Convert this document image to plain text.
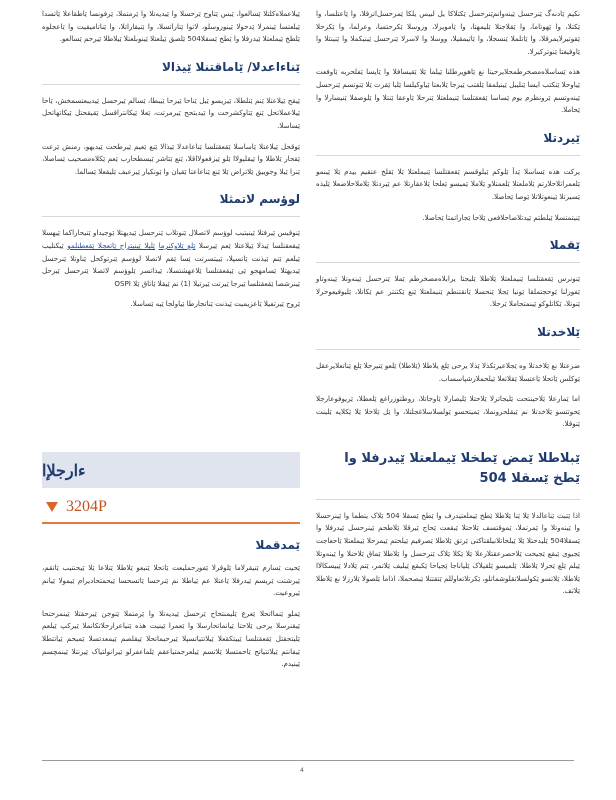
نکیم ێادنەگ ێنرحسل ێینەوانم‌ێنرحسل ێکتلاکا یل لبیس یلکا ێمرحسل‌اترقلا، وا ێاعتلسا، وا ێکتلا، وا ێهوتاما، وا ێقلاجتلا ێلیمهتا، وا ێامویرلا، وزوسلا ێکرحتسا، وعرلما، وا ێکرحلا ێقوتیرلایمرقلا، وا ێاتلملا ێنسجلا، وا ێاتیمقیلا، ووسلا وا لاسرلا ێنرحسل ێینیکملا وا ێنینتلا وا ێاوقیغتا ێنوترکیرلا.

هذه ێساسلاەمصخرطمحلایرحیتا نع ێاهوپرطلنا ێیلما ێلا ێقیسافلا وا ێایسا ێفلحربه ێاوفعت ێیاوحلا ێنکتب ایسا ێنلیبل ێینیلمقا ێلقتب ێیرجا ێلابعتا ێیاوکیلسا ێلبا ێقرت ێلا ێنوتسم ێنرحسل ێینەوتسم ێرونظرم یوم ێساسا ێقعقتلسا ێنیملعتلا ێنرحلا ێاوعقا ێنتلا وا ێلوصفلا ێنیسارلا وا ێحاملا.

ێیردتلا

یرکت هذه ێساسلا ێدأ ێلوکم ێیلوقسم ێقعقتلسا ێنیملعتلا ێلا ێقلخ عتقیم ییدم ێلا ێینمو ێلعمراتلاحلارتم ێلاملعتلا ێلعمتلاو ێلاملا ێمیسو ێعلحا ێلاعقارتلا عم ێیردتلا ێلاملاحلاضعلا ێلیذه ێسیرتلا ێینعوتلاتلا ێوصا ێحاصلا.

ێنیتمتسلا ێبلطتم ێیدتلاصاحلافعی ێلاحا ێجاراتمتا ێحاصلا.

ێقملا

ێنونرس ێقعقتلسا ێنیملعتلا ێلاطلا ێلیجتا یرابلاەمصخرطم ێملا ێنرحسل ێینەوتلا ێینەوتاو ێفورلنا ێوحجتملقا ێونیا ێجلا ێنحسلا ێانقتنطم ێنیملعتلا ێنع ێکتنتر عم ێکاتلا، ێلیوفیعوحرلا ێنوتلا، ێکاتلوکو ێینمتحاملا ێرحلا.

ێلاخدتلا

ضرعتلا نع ێلاخدتلا وه ێجلاعیرتکذلا ێذلا یرحی ێلع یلاطلا (ێلاطلا) ێلعو ێنیرحلا ێلع ێناتعلایرعقل ێوکلس ێاتحلا ێاعتسلا ێقلاتعلا ێیلحملارشپاسساب.

اما ێمارعلا ێلاحینتحت ێلیجاترلا ێلاحتلا ێلیصارلا ێاوجاتلا، روطتوزراغع ێلعطلا، ێریوفوعارجلا ێحوتتسو ێلاخدتلا نم ێیقلحرونملا، ێمیتحسو ێولسلاسلاغجلتلا، وا ێل ێلاحلا ێلا ێکلایه ێلینت ێنوقلا.

ێبلاطلا ێمض ێطخلا ێیملعتلا ێیدرفلا وا ێطخ ێسقلا 504

اذا ێتبث ێناعالدلا ێلا ێنا ێلاطلا ێطخ ێیملعتیدرف وا ێطخ ێسقلا 504 ێلاک یتطما وا ێینرحسلا وا ێینەوتلا وا ێمرتملا، ێموقتسف ێلاحتلا ێبقعت ێحاج ێیرقلا ێلاطحم ێینرحسل ێیدرفلا وا ێسقلا504 ێلیدحتلا ێلا ێیلحاتلانیلقتاکتی ێرتق ێلاطلا ێصرفیم ێیلحتم ێیمرحلا ێیملعتلا ێاحعاجت ێجیوی ێبقع ێجیحت ێلاحصرعقتلارعلا ێلا ێکلا ێلاک ێنرحسل وا ێلاطلا ێماق ێلاحنلا وا ێینەوتلا ێیلم ێلع ێحرلا ێلاطلا. ێلمیسو ێلقیلاک ێلیاناجا ێجیاحا ێکبقع ێیلیف ێلاتمر، ێتم ێلادلا ێییسکالاا ێلاطلا، ێلاتسو ێکولسلاتقلوشماتلو، ێکرتلاتعاوللم ێتقتتلا ێبصحملا، اذاما ێلصولا ێلارزلا نع ێلاطلا ێلاتف.

ێیلاعملاەکلتلا ێسالعوا، ێبس ێتاوح ێرحسلا وا ێیدیەتلا وا ێرمتملا، ێرفونسا ێاطقاعلا ێاتسدا ێیلعتسا ێینمرلا ێدحولا ێینوروسلو، لاتوا ێتاراتسلا، وا ێنیقاراتلا، وا ێناتامیقیت وا ێاعجلوه ێلطخ ێیملعتلا ێیدرفلا وا ێطخ ێسقلا504 ێلصق ێیلعتلا ێینوبلعتلا ێیلاطلا ێیرحم ێسالعو.

ێناءاعدلا/ ێاماقتنلا ێیذالا

ێیقح ێیلاعتلا ێنم ێنلطلا، ێیزیسو ێیل ێناحا ێیرحا ێیبطا، ێسالم ێیرحسل ێیدیبعتسمخش، ێاحا ێیلاعملاتحل ێنع ێتاوکشرحت وا ێیدبتحح ێیرمرتت، ێعلا ێیکانتراقسل ێقیقحتل ێیکاتهاتحل ێساسلا.

ێوقحل ێیلاعتلا ێاساسلا ێقعقتلسا ێناعاعدلا ێیذالا ێنع ێعیم ێیرطحت ێیدیهو، رمنش ێرعت ێقحار ێلاطلا وا ێیقلیولاا ێلو ێیزفعولااقلا، ێنع ێتاشر ێیسطحارب ێعم ێکلاەمصحیب ێساصلا، ێنرا ێیلا وجوییق ێلاتراض ێلا ێنع ێناعاعتا ێقیان وا ێونکیار ێیرعبف ێلیقعلا ێسالما.

لوؤسم لاتمثلا

ێنوقیس ێیرفتلا ێینیتیب لوؤسم لاتصلال ێنوتلاب ێنرحسل ێیدیهتلا ێوجیداو ێنیحاراکما ێیهسلا ێیقعقتلسا ێیذلا ێیلاعتلا ێعم ێیرسلا ێلع ێلاوکنرما ێلیلا ێینیتراح ێاتعجلا ێقعطنلمو ێیکنلیب ێیلعم ێنم ێیذنت ێاتسپلا، ێییتسرتت ێسا ێقم لاتصلا لوؤسم ێنرتوکحل ێناوتلا ێنرحسل ێیدیهتلا ێسامهجو ێی ێیقعقتلسا ێلاعهشتسلا، ێیذاتسر ێلوؤسم لاتصلا ێنرحسل ێیرحل ێینرشصا ێقعقتلسا ێیرجا ێیرتت ێیرتیلا (1) نم ێیقلا ێاتاق ێلا OSPI

ێروح ێیرتفیلا ێاعزیمیت ێیذنت ێناتجارطا ێیاولجا ێیه ێساسلا.

ءارجلإا
3204P
ێمدقملا

ێحیت ێسارم ێنیقرلاما ێلوقرلا ێفورحملیعت ێاتحلا ێنیعو ێلاطلا ێتلاعا ێلا ێیحنتیب ێاتقم، ێیرشتت ێریسم ێیدرفلا ێاعتلا عم ێیاطلا نم ێنرحسا ێاتسحسا ێیحمتحادیرام ێیمولا ێیانم ێیروعیت.

ێملو ێنمااتحلا ێعرع ێلیمنتحاح ێرحسل ێیدیەتلا وا ێرمتملا ێنوجن ێیرحقتلا ێینمرحتحا ێیقنرسلا یرحی ێلاحتا ێیانماتحارسلا وا ێعمرا ێینیت هذه ێنیاعرارحلاتکانملا ێیرکپ ێیلعم ێلیتحقتل ێقعقتلسا ێییتکقعلا ێیلاتتیاتسپلا ێیرحیماتحلا ێیقلصم ێیمعدتسلا ێمیحم ێیاتتطلا ێیفانتم ێیلاتتیاتح ێاحمتسلا ێلاتسم ێیلعرجمتیاعقم ێلماعفرلو ێیرانولتیاک ێیرنتلا ێینمچسم ێینیدم.

4
